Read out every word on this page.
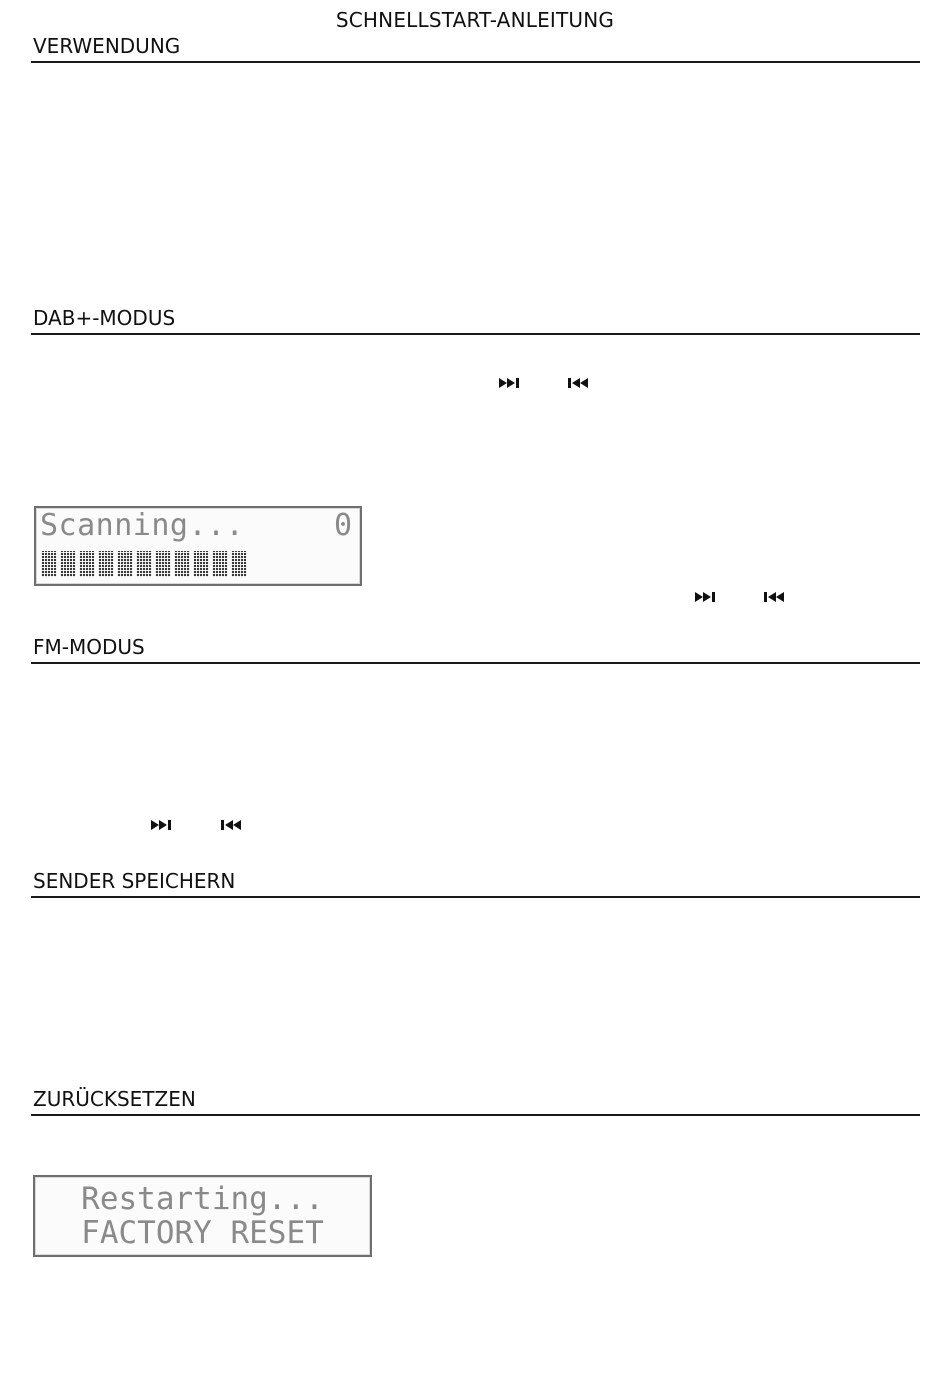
SCHNELLSTART-ANLEITUNG
VERWENDUNG
DAB+-MODUS
FM-MODUS
SENDER SPEICHERN
ZURÜCKSETZEN
Scanning...	0
Restarting...
FACTORY RESET
